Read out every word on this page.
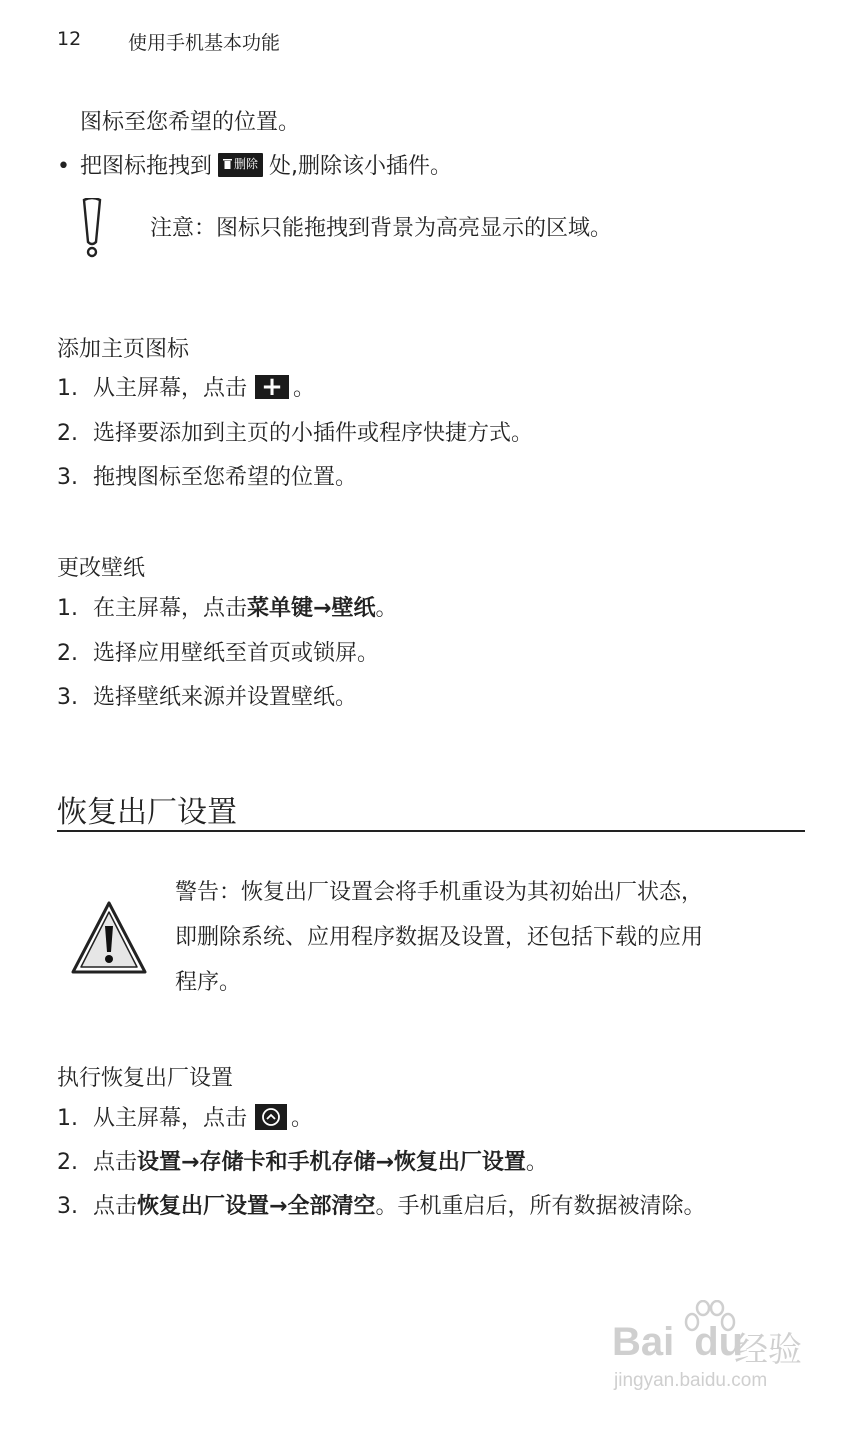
12 使用手机基本功能
图标至您希望的位置。
• 把图标拖拽到 删除 处,删除该小插件。
注意：图标只能拖拽到背景为高亮显示的区域。
添加主页图标
1. 从主屏幕，点击 + 。
2. 选择要添加到主页的小插件或程序快捷方式。
3. 拖拽图标至您希望的位置。
更改壁纸
1. 在主屏幕，点击菜单键→壁纸。
2. 选择应用壁纸至首页或锁屏。
3. 选择壁纸来源并设置壁纸。
恢复出厂设置
警告：恢复出厂设置会将手机重设为其初始出厂状态，
即删除系统、应用程序数据及设置，还包括下载的应用
程序。
执行恢复出厂设置
1. 从主屏幕，点击 。
2. 点击设置→存储卡和手机存储→恢复出厂设置。
3. 点击恢复出厂设置→全部清空。手机重启后，所有数据被清除。
Bai du
经验
jingyan.baidu.com
